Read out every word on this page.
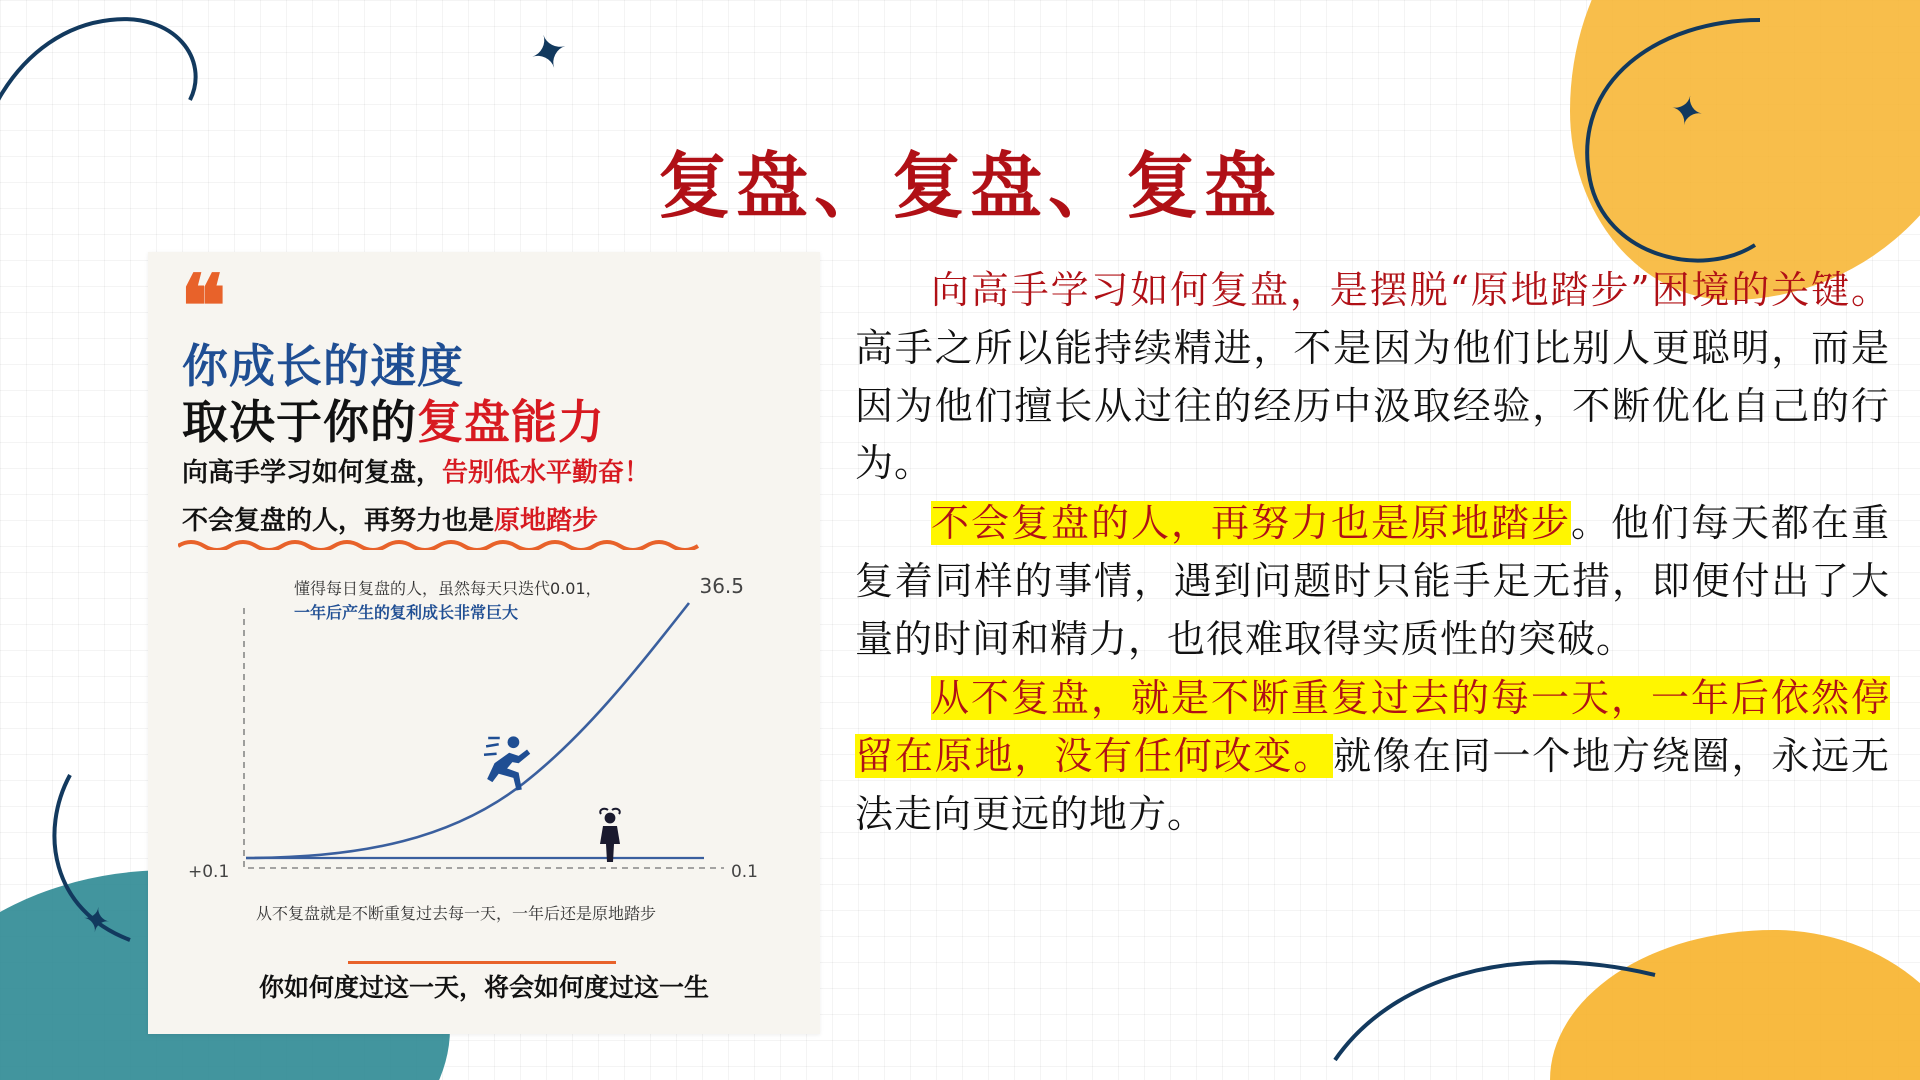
✦
✦
✦
复盘、复盘、复盘
❝
你成长的速度
取决于你的复盘能力
向高手学习如何复盘，告别低水平勤奋！
不会复盘的人，再努力也是原地踏步
懂得每日复盘的人，虽然每天只迭代0.01，
一年后产生的复利成长非常巨大
36.5
0.1
+0.1
从不复盘就是不断重复过去每一天，一年后还是原地踏步
你如何度过这一天，将会如何度过这一生

向高手学习如何复盘，是摆脱“原地踏步”困境的关键。高手之所以能持续精进，不是因为他们比别人更聪明，而是因为他们擅长从过往的经历中汲取经验，不断优化自己的行为。

不会复盘的人，再努力也是原地踏步。他们每天都在重复着同样的事情，遇到问题时只能手足无措，即便付出了大量的时间和精力，也很难取得实质性的突破。

从不复盘，就是不断重复过去的每一天，一年后依然停留在原地，没有任何改变。就像在同一个地方绕圈，永远无法走向更远的地方。
